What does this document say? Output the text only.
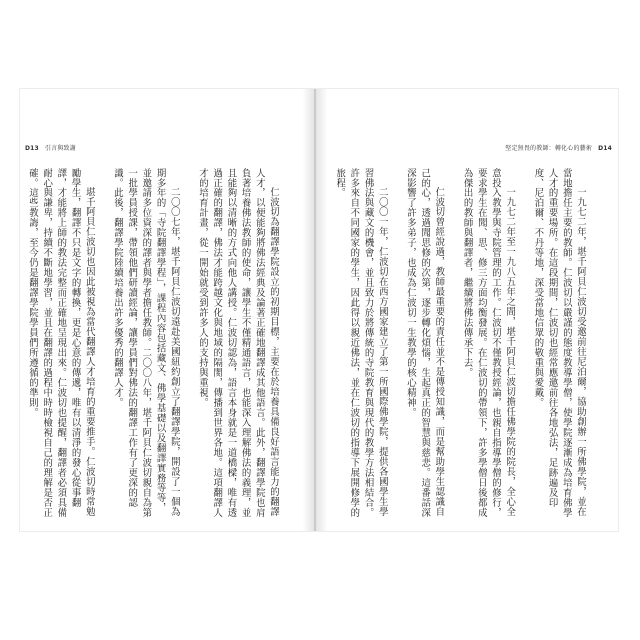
D13 引言與致謝	堅定無畏的教師：轉化心的藝術 D14

仁波切為翻譯學院設立的初期目標，主要在於培養具備良好語言能力的翻譯人才，以便能夠將佛法經典及論著正確地翻譯成其他語言。此外，翻譯學院也肩負著培養佛法教師的使命，讓學生不僅精通語言，也能深入理解佛法的義理，並且能夠以清晰的方式向他人講授。仁波切認為，語言本身就是一道橋樑，唯有透過正確的翻譯，佛法才能跨越文化與地域的隔閡，傳播到世界各地。這項翻譯人才的培育計畫，從一開始就受到許多人的支持與重視。

二〇〇七年，堪千阿貝仁波切遠赴美國紐約創立了翻譯學院，開設了一個為期多年的「寺院翻譯學程」，課程內容包括藏文、佛學基礎以及翻譯實務等等，並邀請多位資深的譯者與學者擔任教師。二〇〇八年，堪千阿貝仁波切親自為第一批學員授課，帶領他們研讀經論，讓學員們對佛法的翻譯工作有了更深的認識。此後，翻譯學院陸續培養出許多優秀的翻譯人才。

堪千阿貝仁波切也因此被視為當代翻譯人才培育的重要推手。仁波切時常勉勵學生，翻譯不只是文字的轉換，更是心意的傳遞，唯有以清淨的發心從事翻譯，才能將上師的教法完整而正確地呈現出來。仁波切也提醒，翻譯者必須具備耐心與謙卑，持續不斷地學習，並且在翻譯的過程中時時檢視自己的理解是否正確。這些教誨，至今仍是翻譯學院學員們所遵循的準則。	一九七二年，堪千阿貝仁波切受邀前往尼泊爾，協助創辦一所佛學院，並在當地擔任主要的教師。仁波切以嚴謹的態度教導學僧，使學院逐漸成為培育佛學人才的重要場所。在這段期間，仁波切也經常應邀前往各地弘法，足跡遍及印度、尼泊爾、不丹等地，深受當地信眾的敬重與愛戴。

一九七二年至一九八五年之間，堪千阿貝仁波切擔任佛學院的院長，全心全意投入教學與寺院管理的工作。仁波切不僅教授經論，也親自指導學僧的修行，要求學生在聞、思、修三方面均衡發展。在仁波切的帶領下，許多學僧日後都成為傑出的教師與翻譯者，繼續將佛法傳承下去。

仁波切曾經說過，教師最重要的責任並不是傳授知識，而是幫助學生認識自己的心，透過聞思修的次第，逐步轉化煩惱，生起真正的智慧與慈悲。這番話深深影響了許多弟子，也成為仁波切一生教學的核心精神。

二〇〇一年，仁波切在西方國家建立了第一所國際佛學院，提供各國學生學習佛法與藏文的機會，並且致力於將傳統的寺院教育與現代的教學方法相結合。許多來自不同國家的學生，因此得以親近佛法，並在仁波切的指導下展開修學的旅程。
